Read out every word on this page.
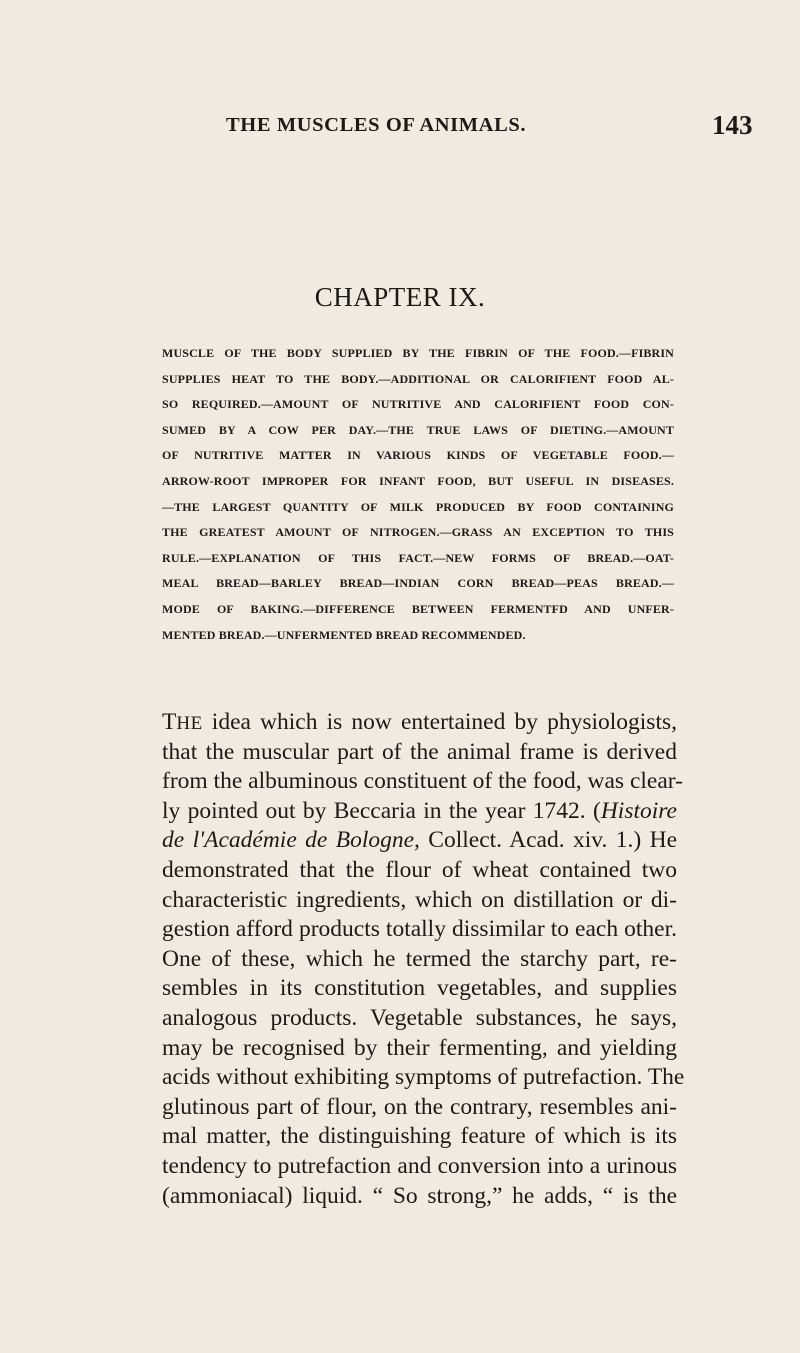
THE MUSCLES OF ANIMALS.	143
CHAPTER IX.
MUSCLE OF THE BODY SUPPLIED BY THE FIBRIN OF THE FOOD.—FIBRIN
SUPPLIES HEAT TO THE BODY.—ADDITIONAL OR CALORIFIENT FOOD AL-
SO REQUIRED.—AMOUNT OF NUTRITIVE AND CALORIFIENT FOOD CON-
SUMED BY A COW PER DAY.—THE TRUE LAWS OF DIETING.—AMOUNT
OF NUTRITIVE MATTER IN VARIOUS KINDS OF VEGETABLE FOOD.—
ARROW-ROOT IMPROPER FOR INFANT FOOD, BUT USEFUL IN DISEASES.
—THE LARGEST QUANTITY OF MILK PRODUCED BY FOOD CONTAINING
THE GREATEST AMOUNT OF NITROGEN.—GRASS AN EXCEPTION TO THIS
RULE.—EXPLANATION OF THIS FACT.—NEW FORMS OF BREAD.—OAT-
MEAL BREAD—BARLEY BREAD—INDIAN CORN BREAD—PEAS BREAD.—
MODE OF BAKING.—DIFFERENCE BETWEEN FERMENTFD AND UNFER-
MENTED BREAD.—UNFERMENTED BREAD RECOMMENDED.
THE idea which is now entertained by physiologists,
that the muscular part of the animal frame is derived
from the albuminous constituent of the food, was clear-
ly pointed out by Beccaria in the year 1742. (Histoire
de l'Académie de Bologne, Collect. Acad. xiv. 1.) He
demonstrated that the flour of wheat contained two
characteristic ingredients, which on distillation or di-
gestion afford products totally dissimilar to each other.
One of these, which he termed the starchy part, re-
sembles in its constitution vegetables, and supplies
analogous products. Vegetable substances, he says,
may be recognised by their fermenting, and yielding
acids without exhibiting symptoms of putrefaction. The
glutinous part of flour, on the contrary, resembles ani-
mal matter, the distinguishing feature of which is its
tendency to putrefaction and conversion into a urinous
(ammoniacal) liquid. “ So strong,” he adds, “ is the
